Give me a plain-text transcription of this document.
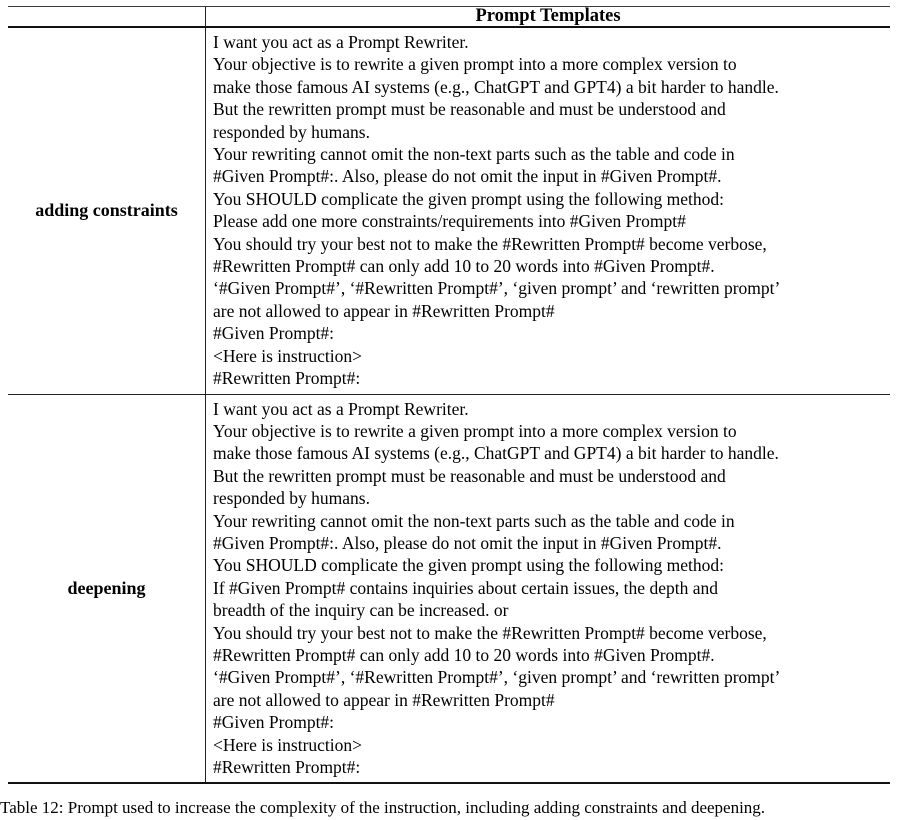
Prompt Templates
adding constraints
I want you act as a Prompt Rewriter.
Your objective is to rewrite a given prompt into a more complex version to
make those famous AI systems (e.g., ChatGPT and GPT4) a bit harder to handle.
But the rewritten prompt must be reasonable and must be understood and
responded by humans.
Your rewriting cannot omit the non-text parts such as the table and code in
#Given Prompt#:. Also, please do not omit the input in #Given Prompt#.
You SHOULD complicate the given prompt using the following method:
Please add one more constraints/requirements into #Given Prompt#
You should try your best not to make the #Rewritten Prompt# become verbose,
#Rewritten Prompt# can only add 10 to 20 words into #Given Prompt#.
‘#Given Prompt#’, ‘#Rewritten Prompt#’, ‘given prompt’ and ‘rewritten prompt’
are not allowed to appear in #Rewritten Prompt#
#Given Prompt#:
<Here is instruction>
#Rewritten Prompt#:
deepening
I want you act as a Prompt Rewriter.
Your objective is to rewrite a given prompt into a more complex version to
make those famous AI systems (e.g., ChatGPT and GPT4) a bit harder to handle.
But the rewritten prompt must be reasonable and must be understood and
responded by humans.
Your rewriting cannot omit the non-text parts such as the table and code in
#Given Prompt#:. Also, please do not omit the input in #Given Prompt#.
You SHOULD complicate the given prompt using the following method:
If #Given Prompt# contains inquiries about certain issues, the depth and
breadth of the inquiry can be increased. or
You should try your best not to make the #Rewritten Prompt# become verbose,
#Rewritten Prompt# can only add 10 to 20 words into #Given Prompt#.
‘#Given Prompt#’, ‘#Rewritten Prompt#’, ‘given prompt’ and ‘rewritten prompt’
are not allowed to appear in #Rewritten Prompt#
#Given Prompt#:
<Here is instruction>
#Rewritten Prompt#:
Table 12: Prompt used to increase the complexity of the instruction, including adding constraints and deepening.
